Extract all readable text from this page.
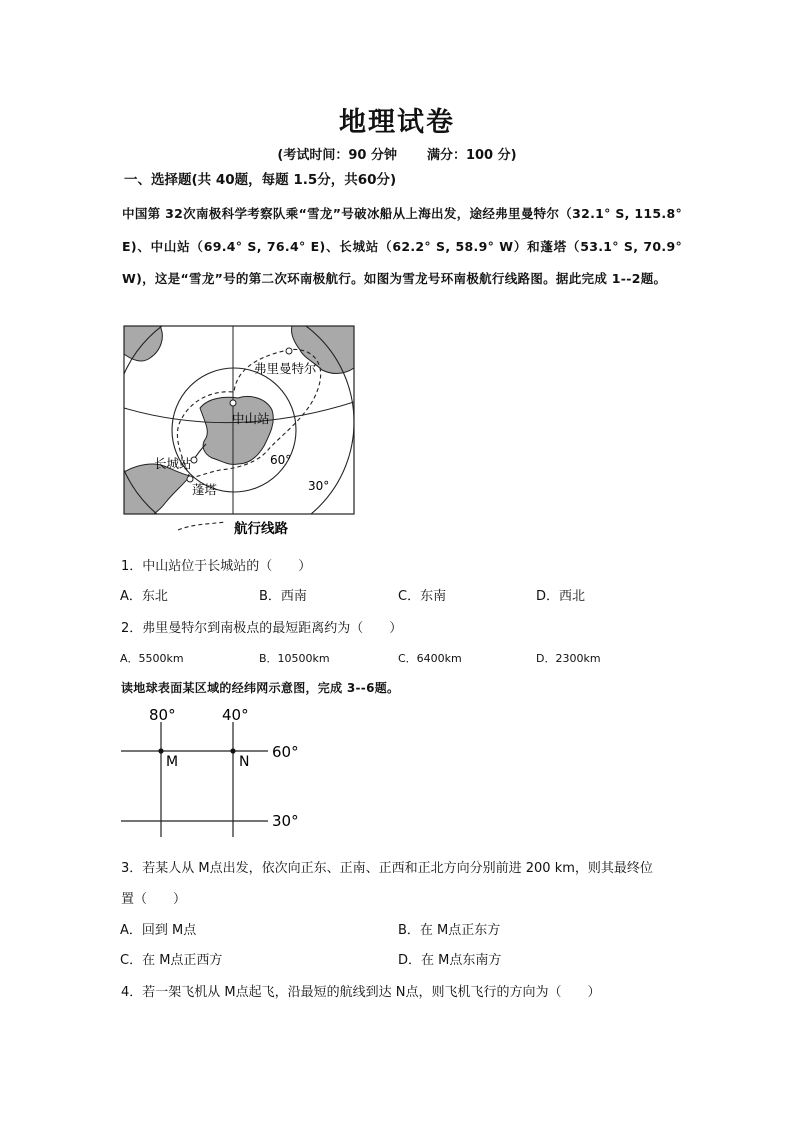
地理试卷
(考试时间：90 分钟 满分：100 分)
一、选择题(共 40题，每题 1.5分，共60分)
中国第 32次南极科学考察队乘“雪龙”号破冰船从上海出发，途经弗里曼特尔（32.1° S, 115.8° E)、中山站（69.4° S, 76.4° E)、长城站（62.2° S, 58.9° W）和蓬塔（53.1° S, 70.9° W)，这是“雪龙”号的第二次环南极航行。如图为雪龙号环南极航行线路图。据此完成 1--2题。
弗里曼特尔
中山站
长城站
蓬塔
60°
30°
航行线路
1．中山站位于长城站的（　　）
A．东北	B．西南	C．东南	D．西北
2．弗里曼特尔到南极点的最短距离约为（　　）
A．5500km	B．10500km	C．6400km	D．2300km
读地球表面某区域的经纬网示意图，完成 3--6题。
80°	40°
60°
30°
M	N
3．若某人从 M点出发，依次向正东、正南、正西和正北方向分别前进 200 km，则其最终位
置（　　）
A．回到 M点	B．在 M点正东方
C．在 M点正西方	D．在 M点东南方
4．若一架飞机从 M点起飞，沿最短的航线到达 N点，则飞机飞行的方向为（　　）
